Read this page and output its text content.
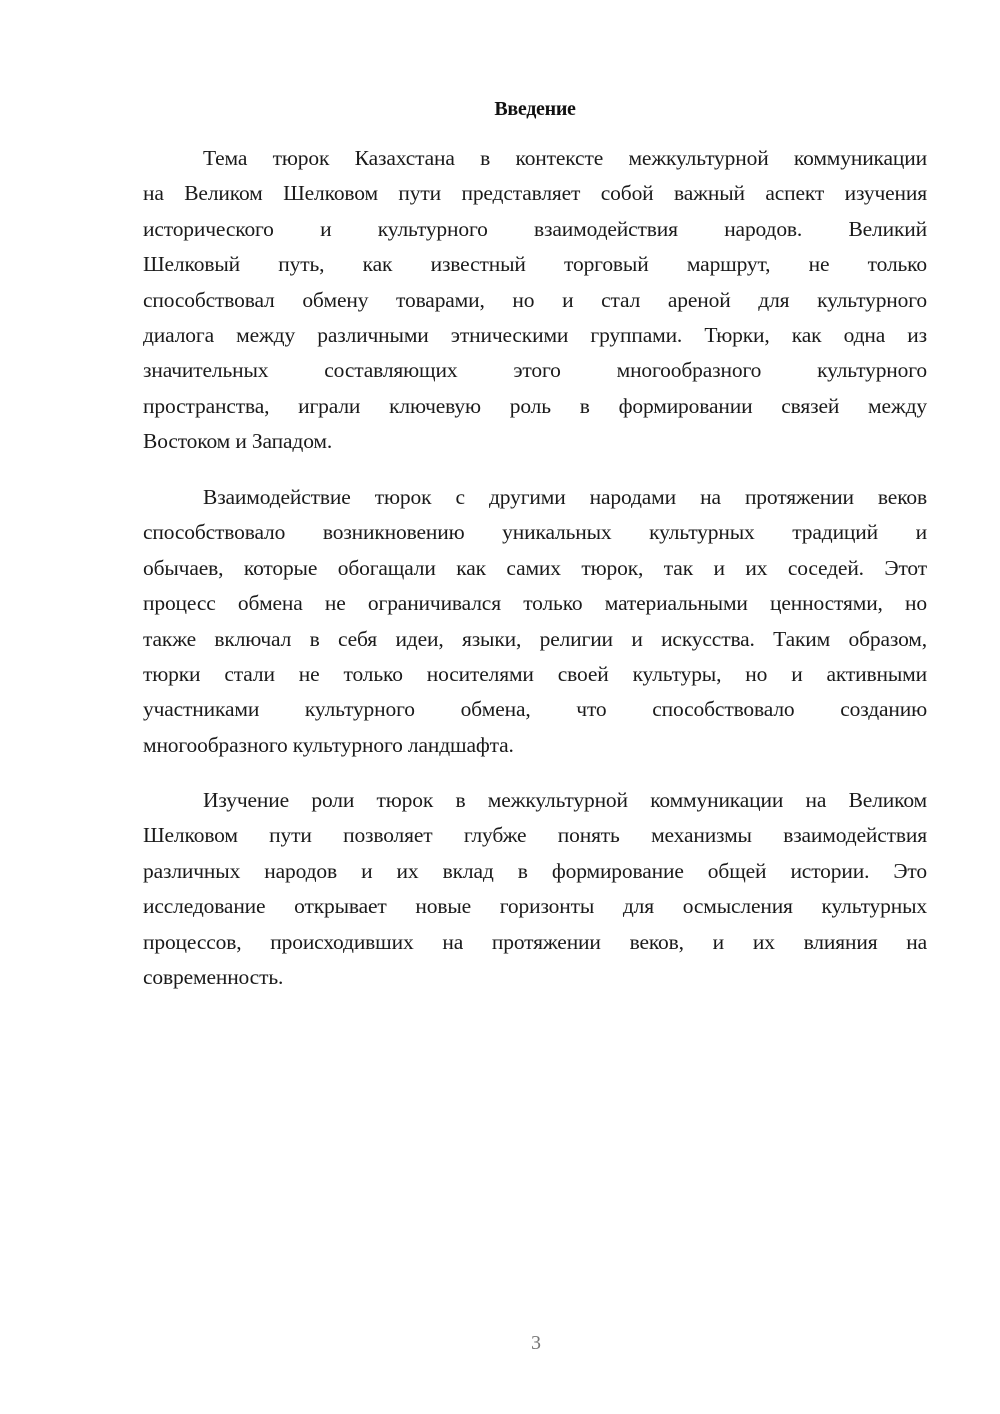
Введение
Тема тюрок Казахстана в контексте межкультурной коммуникации
на Великом Шелковом пути представляет собой важный аспект изучения
исторического и культурного взаимодействия народов. Великий
Шелковый путь, как известный торговый маршрут, не только
способствовал обмену товарами, но и стал ареной для культурного
диалога между различными этническими группами. Тюрки, как одна из
значительных составляющих этого многообразного культурного
пространства, играли ключевую роль в формировании связей между
Востоком и Западом.
Взаимодействие тюрок с другими народами на протяжении веков
способствовало возникновению уникальных культурных традиций и
обычаев, которые обогащали как самих тюрок, так и их соседей. Этот
процесс обмена не ограничивался только материальными ценностями, но
также включал в себя идеи, языки, религии и искусства. Таким образом,
тюрки стали не только носителями своей культуры, но и активными
участниками культурного обмена, что способствовало созданию
многообразного культурного ландшафта.
Изучение роли тюрок в межкультурной коммуникации на Великом
Шелковом пути позволяет глубже понять механизмы взаимодействия
различных народов и их вклад в формирование общей истории. Это
исследование открывает новые горизонты для осмысления культурных
процессов, происходивших на протяжении веков, и их влияния на
современность.
3
